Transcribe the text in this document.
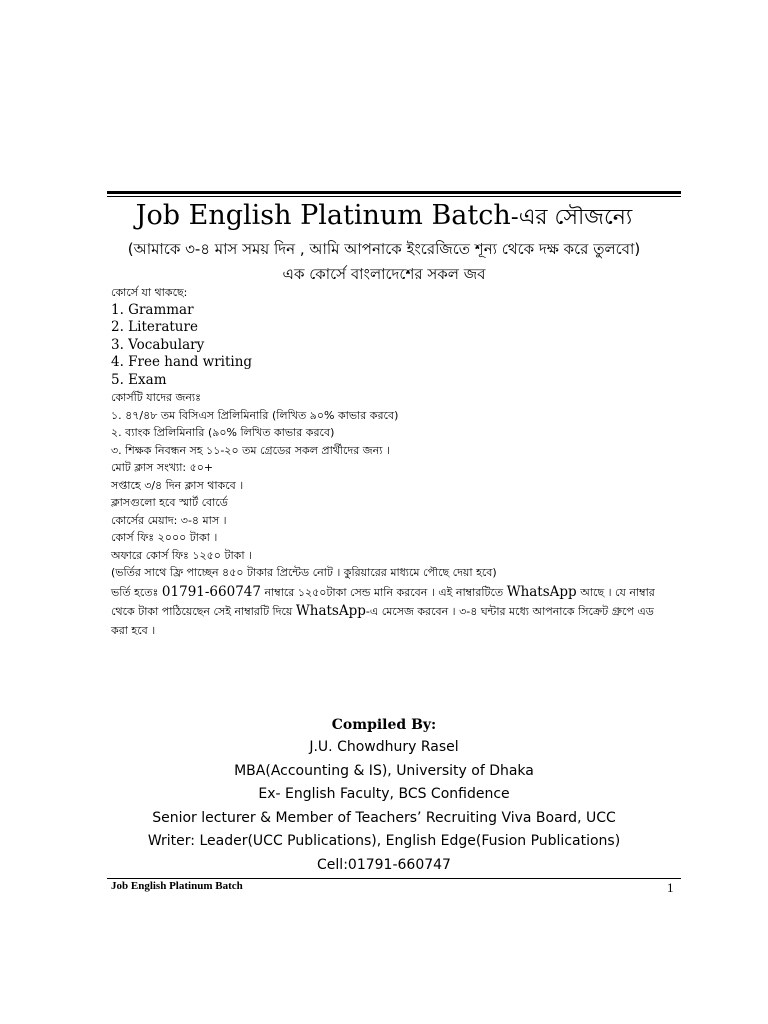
Job English Platinum Batch-এর সৌজন্যে
(আমাকে ৩-৪ মাস সময় দিন , আমি আপনাকে ইংরেজিতে শূন্য থেকে দক্ষ করে তুলবো)
এক কোর্সে বাংলাদেশের সকল জব
কোর্সে যা থাকছে:
1. Grammar
2. Literature
3. Vocabulary
4. Free hand writing
5. Exam
কোর্সটি যাদের জন্যঃ
১. ৪৭/৪৮ তম বিসিএস প্রিলিমিনারি (লিখিত ৯০% কাভার করবে)
২. ব্যাংক প্রিলিমিনারি (৯০% লিখিত কাভার করবে)
৩. শিক্ষক নিবন্ধন সহ ১১-২০ তম গ্রেডের সকল প্রার্থীদের জন্য ।
মোট ক্লাস সংখ্যা: ৫০+
সপ্তাহে ৩/৪ দিন ক্লাস থাকবে ।
ক্লাসগুলো হবে স্মার্ট বোর্ডে
কোর্সের মেয়াদ: ৩-৪ মাস ।
কোর্স ফিঃ ২০০০ টাকা ।
অফারে কোর্স ফিঃ ১২৫০ টাকা ।
(ভর্তির সাথে ফ্রি পাচ্ছেন ৪৫০ টাকার প্রিন্টেড নোট । কুরিয়ারের মাধ্যমে পৌছে দেয়া হবে)
ভর্তি হতেঃ 01791-660747 নাম্বারে ১২৫০টাকা সেন্ড মানি করবেন । এই নাম্বারটিতে WhatsApp আছে । যে নাম্বার থেকে টাকা পাঠিয়েছেন সেই নাম্বারটি দিয়ে WhatsApp-এ মেসেজ করবেন । ৩-৪ ঘন্টার মধ্যে আপনাকে সিক্রেট গ্রুপে এড করা হবে ।
Compiled By:
J.U. Chowdhury Rasel
MBA(Accounting & IS), University of Dhaka
Ex- English Faculty, BCS Confidence
Senior lecturer & Member of Teachers’ Recruiting Viva Board, UCC
Writer: Leader(UCC Publications), English Edge(Fusion Publications)
Cell:01791-660747
Job English Platinum Batch	1
